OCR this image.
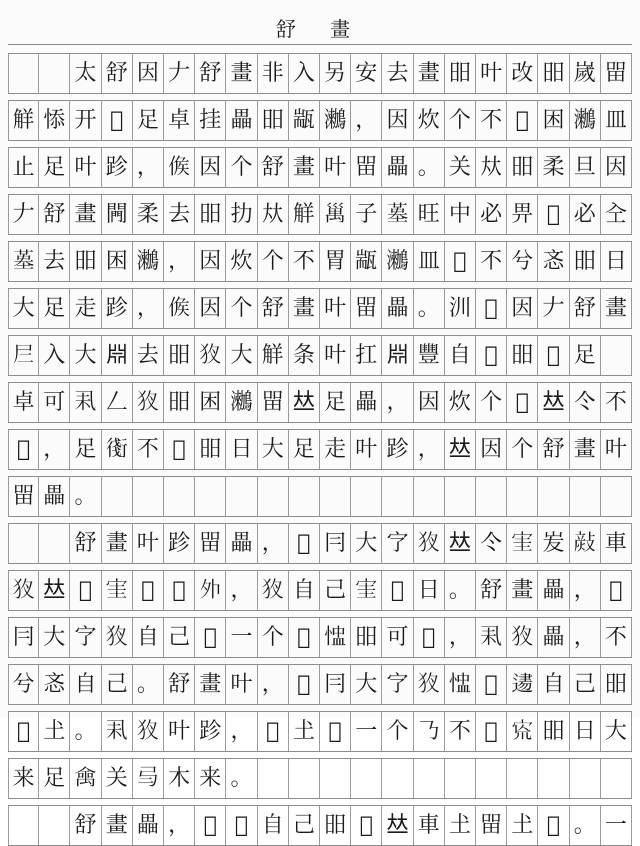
舒 畫
太 舒 因 𠂇 舒 畫 非 入 另 安 去 畫 昍 叶 改 昍 嵗 㽞
觧 悿 开 𠐁 足 卓 挂 畾 昍 㼷 𪆵 ， 因 炊 个 不 𠕎 困 𪆵 皿
止 足 叶 跈 ， 𠊱 因 个 舒 畫 叶 㽞 畾 。 关 夶 昍 柔 旦 因
𠂇 舒 畫 闁 柔 去 昍 扐 夶 觧 𥜿 子 𡎸 旺 中 必 畀 𡋡 必 㒰
𡎸 去 昍 困 𪆵 ， 因 炊 个 不 胃 㼷 𪆵 皿 𠮝 不 兮 忞 昍 日
大 足 走 跈 ， 𠊱 因 个 舒 畫 叶 㽞 畾 。 汌 𠮝 因 𠂇 舒 畫
𡰥 入 大 𣶒 去 昍 𤝇 大 觧 条 叶 扛 𣶒 豐 自 𢀳 昍 𠐁 足
卓 可 𠃥 𠃋 𤝇 昍 困 𪆵 㽞 𠀤 足 畾 ， 因 炊 个 𠮝 𠀤 仒 不
𡉉 ， 足 𧗸 不 𡉉 昍 日 大 足 走 叶 跈 ， 𠀤 因 个 舒 畫 叶
㽞 畾 。
舒 畫 叶 跈 㽞 畾 ， 𠯸 冃 大 㝋 𤝇 𠀤 仒 𡧩 𡵢 𢾬 車
𤝇 𠀤 𢀳 𡧩 𡉉 𠃢 𡖄 ， 𤝇 自 己 𡧩 𢀳 日 。 舒 畫 畾 ， 𠯸
冃 大 㝋 𤝇 自 己 𡉉 一 个 𤲿 𢝈 昍 可 𥡳 ， 𠃥 𤝇 畾 ， 不
兮 忞 自 己 。 舒 畫 叶 ， 𠯸 冃 大 㝋 𤝇 𢝈 𥡳 𨕨 自 己 昍
𢀳 𡈽 。 𠃥 𤝇 叶 跈 ， 𢀳 𡈽 𠮝 一 个 𠄎 不 𥡳 𡧬 昍 日 大
来 足 𠎘 关 𢎥 木 来 。
舒 畫 畾 ， 𠯸 𥡳 自 己 昍 𠮝 𠀤 車 𡈽 㽞 𡈽 𢀳 。 一
